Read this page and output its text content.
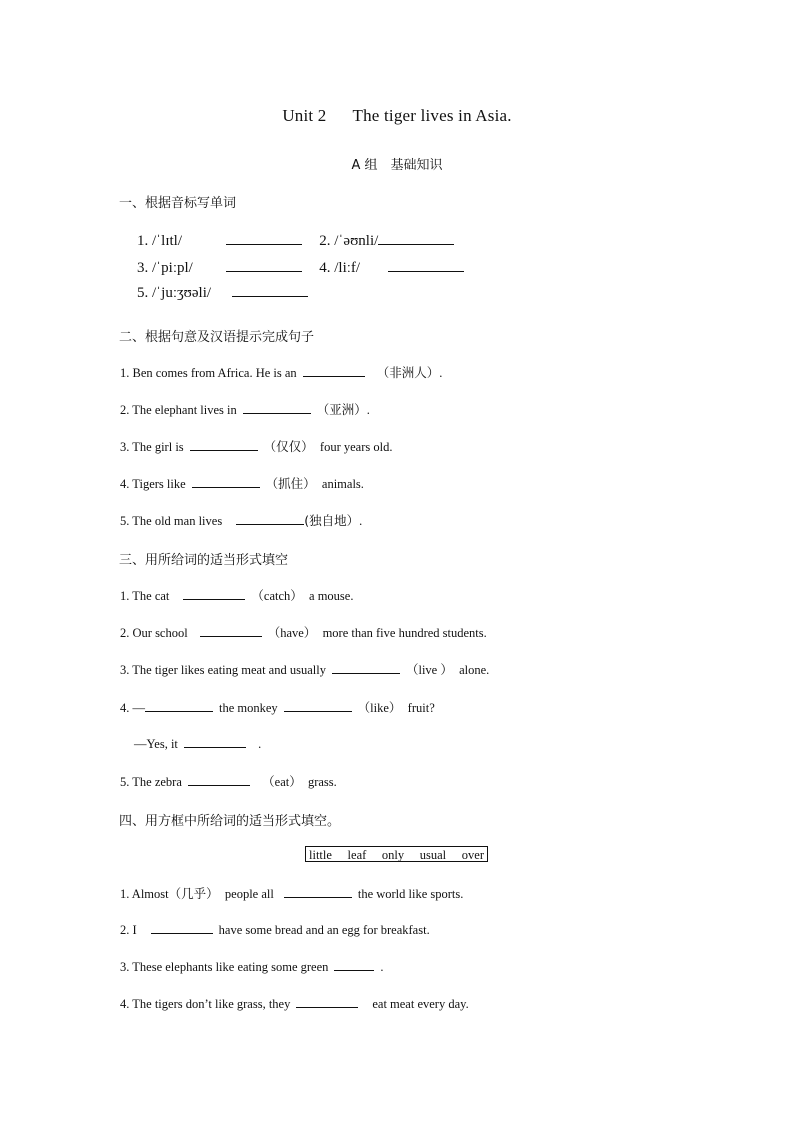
Unit 2 The tiger lives in Asia.
A 组　基础知识
一、根据音标写单词
1. /ˈlɪtl/	2. /ˈəʊnli/
3. /ˈpiːpl/	4. /liːf/
5. /ˈjuːʒʊəli/
二、根据句意及汉语提示完成句子
1. Ben comes from Africa. He is an	（非洲人）.
2. The elephant lives in	（亚洲）.
3. The girl is	（仅仅） four years old.
4. Tigers like	（抓住） animals.
5. The old man lives	(独自地）.
三、用所给词的适当形式填空
1. The cat	（catch） a mouse.
2. Our school	（have） more than five hundred students.
3. The tiger likes eating meat and usually	（live ） alone.
4. —	the monkey	（like） fruit?
—Yes, it	.
5. The zebra	（eat） grass.
四、用方框中所给词的适当形式填空。
little leaf only usual over
1. Almost（几乎） people all	the world like sports.
2. I	have some bread and an egg for breakfast.
3. These elephants like eating some green	.
4. The tigers don’t like grass, they	eat meat every day.
